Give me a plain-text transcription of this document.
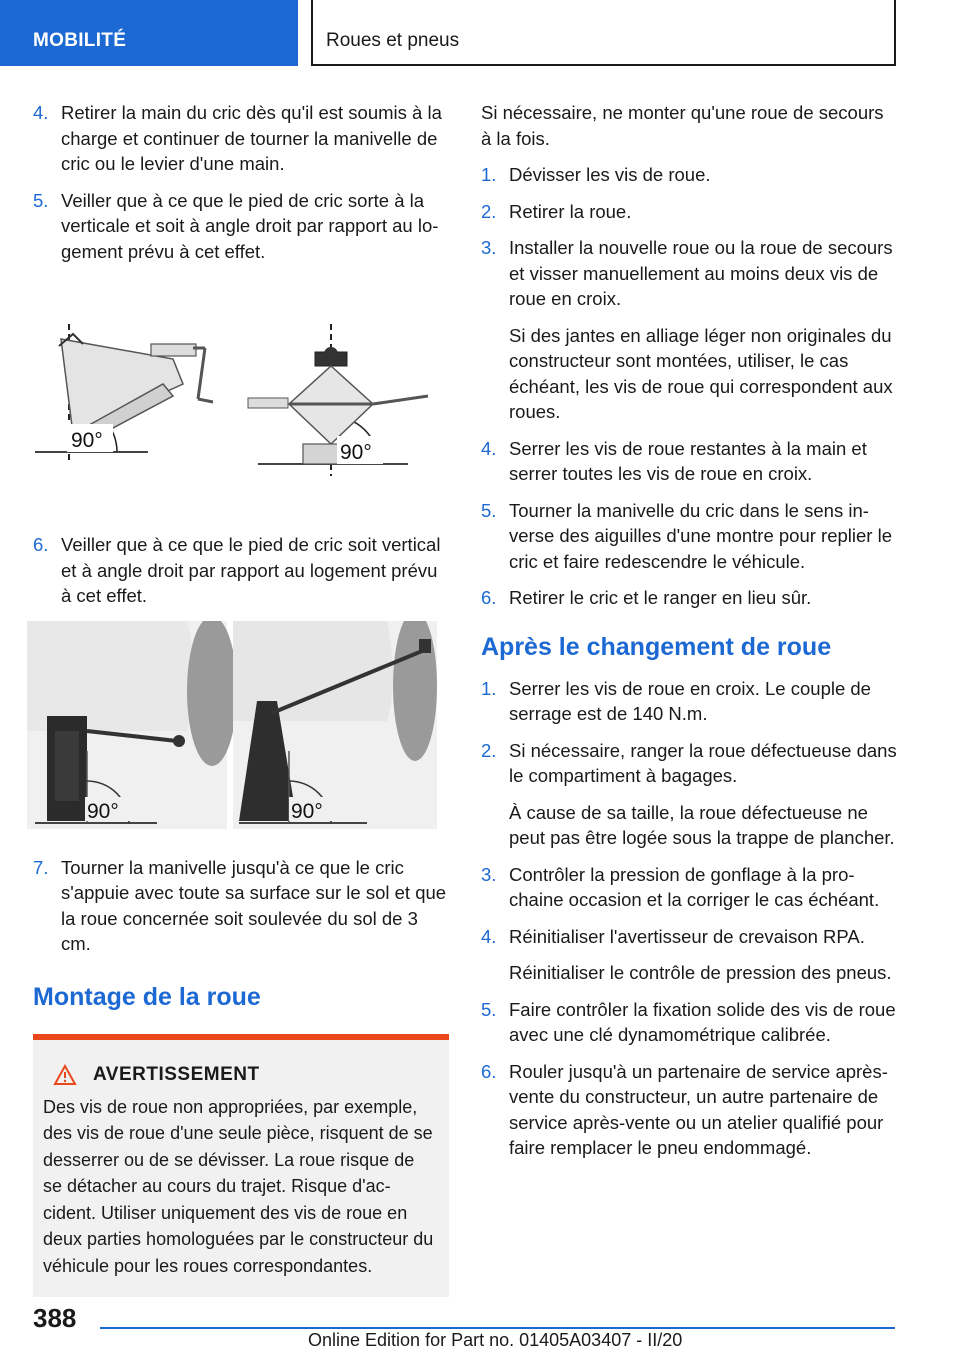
MOBILITÉ	Roues et pneus
4. Retirer la main du cric dès qu'il est soumis à la charge et continuer de tourner la manivelle de cric ou le levier d'une main.
5. Veiller que à ce que le pied de cric sorte à la verticale et soit à angle droit par rapport au logement prévu à cet effet.
90°
90°
6. Veiller que à ce que le pied de cric soit vertical et à angle droit par rapport au logement prévu à cet effet.
90°	90°
7. Tourner la manivelle jusqu'à ce que le cric s'appuie avec toute sa surface sur le sol et que la roue concernée soit soulevée du sol de 3 cm.
Montage de la roue
AVERTISSEMENT
Des vis de roue non appropriées, par exemple, des vis de roue d'une seule pièce, risquent de se desserrer ou de se dévisser. La roue risque de se détacher au cours du trajet. Risque d'accident. Utiliser uniquement des vis de roue en deux parties homologuées par le constructeur du véhicule pour les roues correspondantes.
Si nécessaire, ne monter qu'une roue de secours à la fois.
1. Dévisser les vis de roue.
2. Retirer la roue.
3. Installer la nouvelle roue ou la roue de secours et visser manuellement au moins deux vis de roue en croix.
Si des jantes en alliage léger non originales du constructeur sont montées, utiliser, le cas échéant, les vis de roue qui correspondent aux roues.
4. Serrer les vis de roue restantes à la main et serrer toutes les vis de roue en croix.
5. Tourner la manivelle du cric dans le sens inverse des aiguilles d'une montre pour replier le cric et faire redescendre le véhicule.
6. Retirer le cric et le ranger en lieu sûr.
Après le changement de roue
1. Serrer les vis de roue en croix. Le couple de serrage est de 140 N.m.
2. Si nécessaire, ranger la roue défectueuse dans le compartiment à bagages.
À cause de sa taille, la roue défectueuse ne peut pas être logée sous la trappe de plancher.
3. Contrôler la pression de gonflage à la prochaine occasion et la corriger le cas échéant.
4. Réinitialiser l'avertisseur de crevaison RPA.
Réinitialiser le contrôle de pression des pneus.
5. Faire contrôler la fixation solide des vis de roue avec une clé dynamométrique calibrée.
6. Rouler jusqu'à un partenaire de service après-vente du constructeur, un autre partenaire de service après-vente ou un atelier qualifié pour faire remplacer le pneu endommagé.
388
Online Edition for Part no. 01405A03407 - II/20
